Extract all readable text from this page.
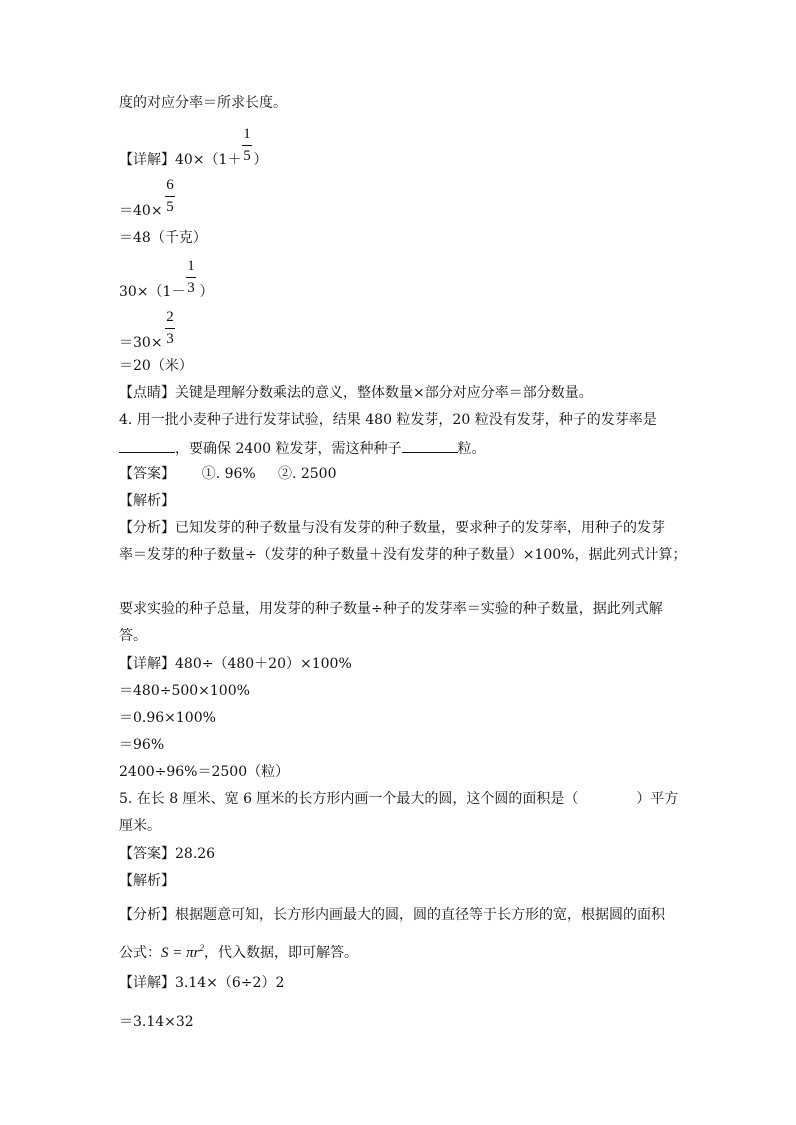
度的对应分率＝所求长度。
1
5
【详解】40×（1＋ ）
6
5
＝40×
＝48（千克）
1
3
30×（1－ ）
2
3
＝30×
＝20（米）
【点睛】关键是理解分数乘法的意义，整体数量×部分对应分率＝部分数量。
4. 用一批小麦种子进行发芽试验，结果 480 粒发芽，20 粒没有发芽，种子的发芽率是
，要确保 2400 粒发芽，需这种种子	粒。
【答案】      ①. 96%     ②. 2500
【解析】
【分析】已知发芽的种子数量与没有发芽的种子数量，要求种子的发芽率，用种子的发芽
率＝发芽的种子数量÷（发芽的种子数量＋没有发芽的种子数量）×100%，据此列式计算；
要求实验的种子总量，用发芽的种子数量÷种子的发芽率＝实验的种子数量，据此列式解
答。
【详解】480÷（480＋20）×100%
＝480÷500×100%
＝0.96×100%
＝96%
2400÷96%＝2500（粒）
5. 在长 8 厘米、宽 6 厘米的长方形内画一个最大的圆，这个圆的面积是（	）平方
厘米。
【答案】28.26
【解析】
【分析】根据题意可知，长方形内画最大的圆，圆的直径等于长方形的宽，根据圆的面积
公式：$S = \pi r^2$，代入数据，即可解答。
【详解】3.14×（6÷2）2
＝3.14×32
